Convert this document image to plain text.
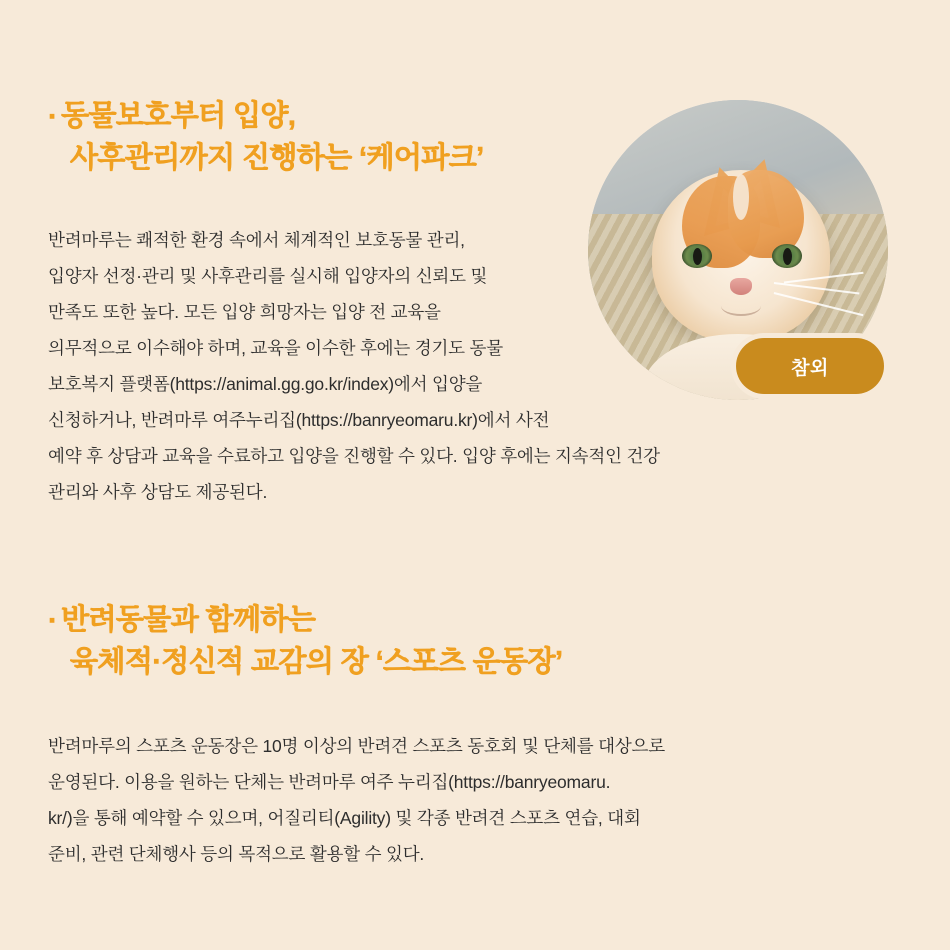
· 동물보호부터 입양,
사후관리까지 진행하는 ‘케어파크’
반려마루는 쾌적한 환경 속에서 체계적인 보호동물 관리,
입양자 선정·관리 및 사후관리를 실시해 입양자의 신뢰도 및
만족도 또한 높다. 모든 입양 희망자는 입양 전 교육을
의무적으로 이수해야 하며, 교육을 이수한 후에는 경기도 동물
보호복지 플랫폼(https://animal.gg.go.kr/index)에서 입양을
신청하거나, 반려마루 여주누리집(https://banryeomaru.kr)에서 사전
예약 후 상담과 교육을 수료하고 입양을 진행할 수 있다. 입양 후에는 지속적인 건강
관리와 사후 상담도 제공된다.
참외
· 반려동물과 함께하는
육체적·정신적 교감의 장 ‘스포츠 운동장’
반려마루의 스포츠 운동장은 10명 이상의 반려견 스포츠 동호회 및 단체를 대상으로
운영된다. 이용을 원하는 단체는 반려마루 여주 누리집(https://banryeomaru.
kr/)을 통해 예약할 수 있으며, 어질리티(Agility) 및 각종 반려견 스포츠 연습, 대회
준비, 관련 단체행사 등의 목적으로 활용할 수 있다.
